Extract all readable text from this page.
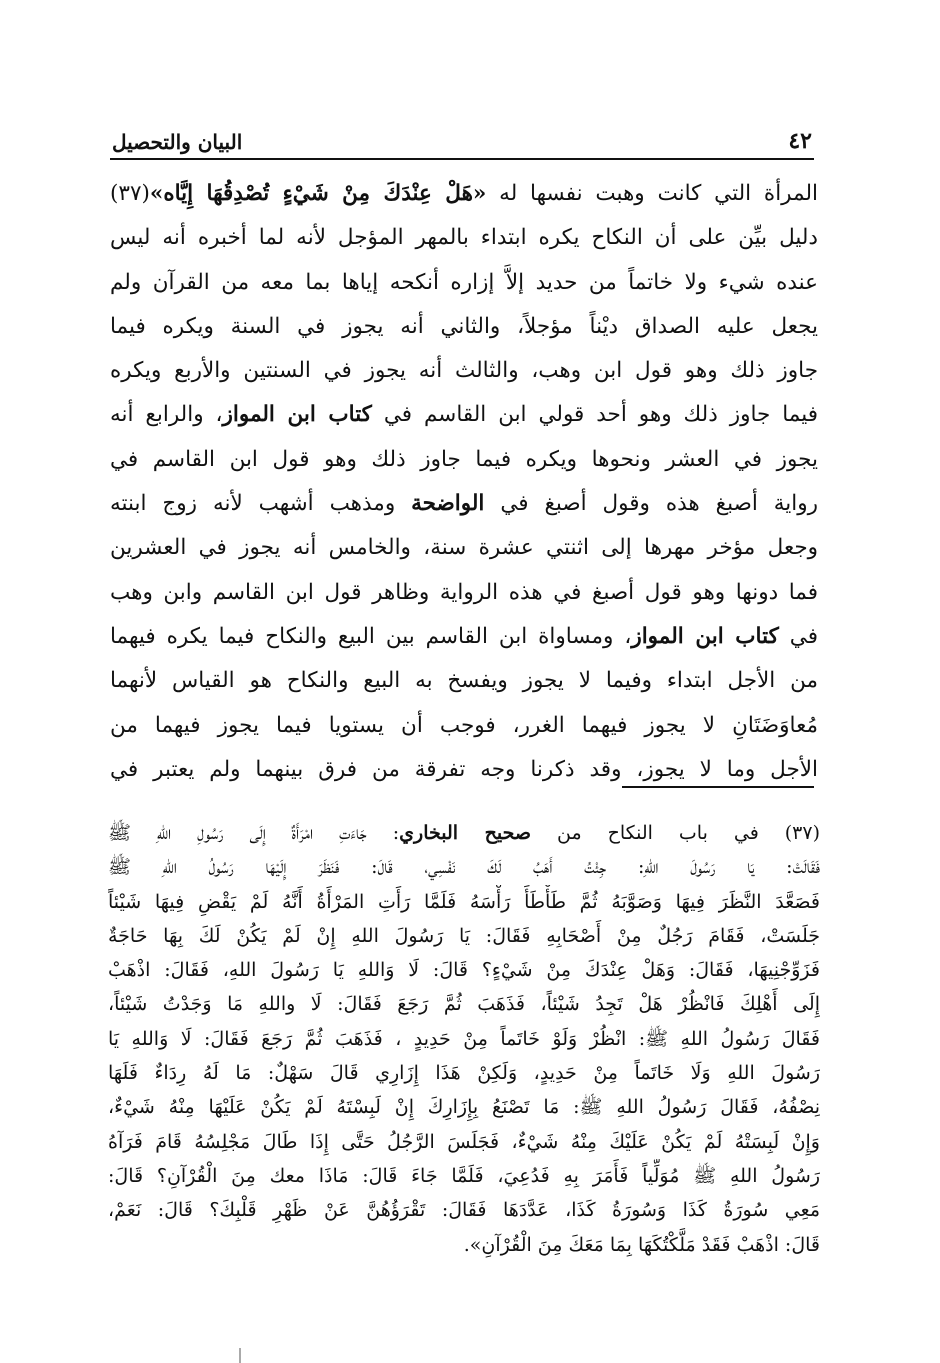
البيان والتحصيل	٤٢
المرأة التي كانت وهبت نفسها له «هَلْ عِنْدَكَ مِنْ شَيْءٍ تُصْدِقُهَا إِيَّاه»(٣٧)
دليل بيِّن على أن النكاح يكره ابتداء بالمهر المؤجل لأنه لما أخبره أنه ليس
عنده شيء ولا خاتماً من حديد إلاَّ إزاره أنكحه إياها بما معه من القرآن ولم
يجعل عليه الصداق ديْناً مؤجلاً، والثاني أنه يجوز في السنة ويكره فيما
جاوز ذلك وهو قول ابن وهب، والثالث أنه يجوز في السنتين والأربع ويكره
فيما جاوز ذلك وهو أحد قولي ابن القاسم في كتاب ابن المواز، والرابع أنه
يجوز في العشر ونحوها ويكره فيما جاوز ذلك وهو قول ابن القاسم في
رواية أصبغ هذه وقول أصبغ في الواضحة ومذهب أشهب لأنه زوج ابنته
وجعل مؤخر مهرها إلى اثنتي عشرة سنة، والخامس أنه يجوز في العشرين
فما دونها وهو قول أصبغ في هذه الرواية وظاهر قول ابن القاسم وابن وهب
في كتاب ابن المواز، ومساواة ابن القاسم بين البيع والنكاح فيما يكره فيهما
من الأجل ابتداء وفيما لا يجوز ويفسخ به البيع والنكاح هو القياس لأنهما
مُعاوَضَتَانِ لا يجوز فيهما الغرر، فوجب أن يستويا فيما يجوز فيهما من
الأجل وما لا يجوز، وقد ذكرنا وجه تفرقة من فرق بينهما ولم يعتبر في
(٣٧) في باب النكاح من صحيح البخاري: جَاءَتِ امْرَأَةٌ إِلَى رَسُولِ اللهِ ﷺ
فَقَالَتْ: يَا رَسُولَ اللهِ: جِئْتُ أَهَبُ لَكَ نَفْسِي، قَالَ: فَنَظَرَ إِلَيْهَا رَسُولُ اللهِ ﷺ
فَصَعَّدَ النَّظَرَ فِيهَا وَصَوَّبَهُ ثُمَّ طَأْطَأَ رَأْسَهُ فَلَمَّا رَأَتِ المَرْأَةُ أَنَّهُ لَمْ يَقْضِ فِيهَا شَيْئاً
جَلَسَتْ، فَقَامَ رَجُلٌ مِنْ أَصْحَابِهِ فَقَالَ: يَا رَسُولَ اللهِ إِنْ لَمْ يَكُنْ لَكَ بِهَا حَاجَةٌ
فَزَوِّجْنِيهَا، فَقَالَ: وَهَلْ عِنْدَكَ مِنْ شَيْءٍ؟ قَالَ: لَا وَاللهِ يَا رَسُولَ اللهِ، فَقَالَ: اذْهَبْ
إِلَى أَهْلِكَ فَانْظُرْ هَلْ تَجِدُ شَيْئاً، فَذَهَبَ ثُمَّ رَجَعَ فَقَالَ: لَا واللهِ مَا وَجَدْتُ شَيْئاً،
فَقَالَ رَسُولُ اللهِ ﷺ: انْظُرْ وَلَوْ خَاتَماً مِنْ حَدِيدٍ ، فَذَهَبَ ثُمَّ رَجَعَ فَقَالَ: لَا وَاللهِ يَا
رَسُولَ اللهِ وَلَا خَاتَماً مِنْ حَدِيدٍ، وَلَكِنْ هَذَا إِزَارِي قَالَ سَهْلٌ: مَا لَهُ رِدَاءٌ فَلَهَا
نِصْفُهُ، فَقَالَ رَسُولُ اللهِ ﷺ: مَا تَصْنَعُ بِإِزَارِكَ إِنْ لَبِسْتَهُ لَمْ يَكُنْ عَلَيْهَا مِنْهُ شَيْءٌ،
وَإِنْ لَبِسَتْهُ لَمْ يَكُنْ عَلَيْكَ مِنْهُ شَيْءٌ، فَجَلَسَ الرَّجُلُ حَتَّى إِذَا طَالَ مَجْلِسُهُ قَامَ فَرَآهُ
رَسُولُ اللهِ ﷺ مُوَلِّياً فَأَمَرَ بِهِ فَدُعِيَ، فَلَمَّا جَاءَ قَالَ: مَاذَا معك مِنَ الْقُرْآنِ؟ قَالَ:
مَعِي سُورَةُ كَذَا وَسُورَةُ كَذَا، عَدَّدَهَا فَقَالَ: تَقْرَؤُهُنَّ عَنْ ظَهْرِ قَلْبِكَ؟ قَالَ: نَعَمْ،
قَالَ: اذْهَبْ فَقَدْ مَلَّكْتُكَهَا بِمَا مَعَكَ مِنَ الْقُرْآنِ».
